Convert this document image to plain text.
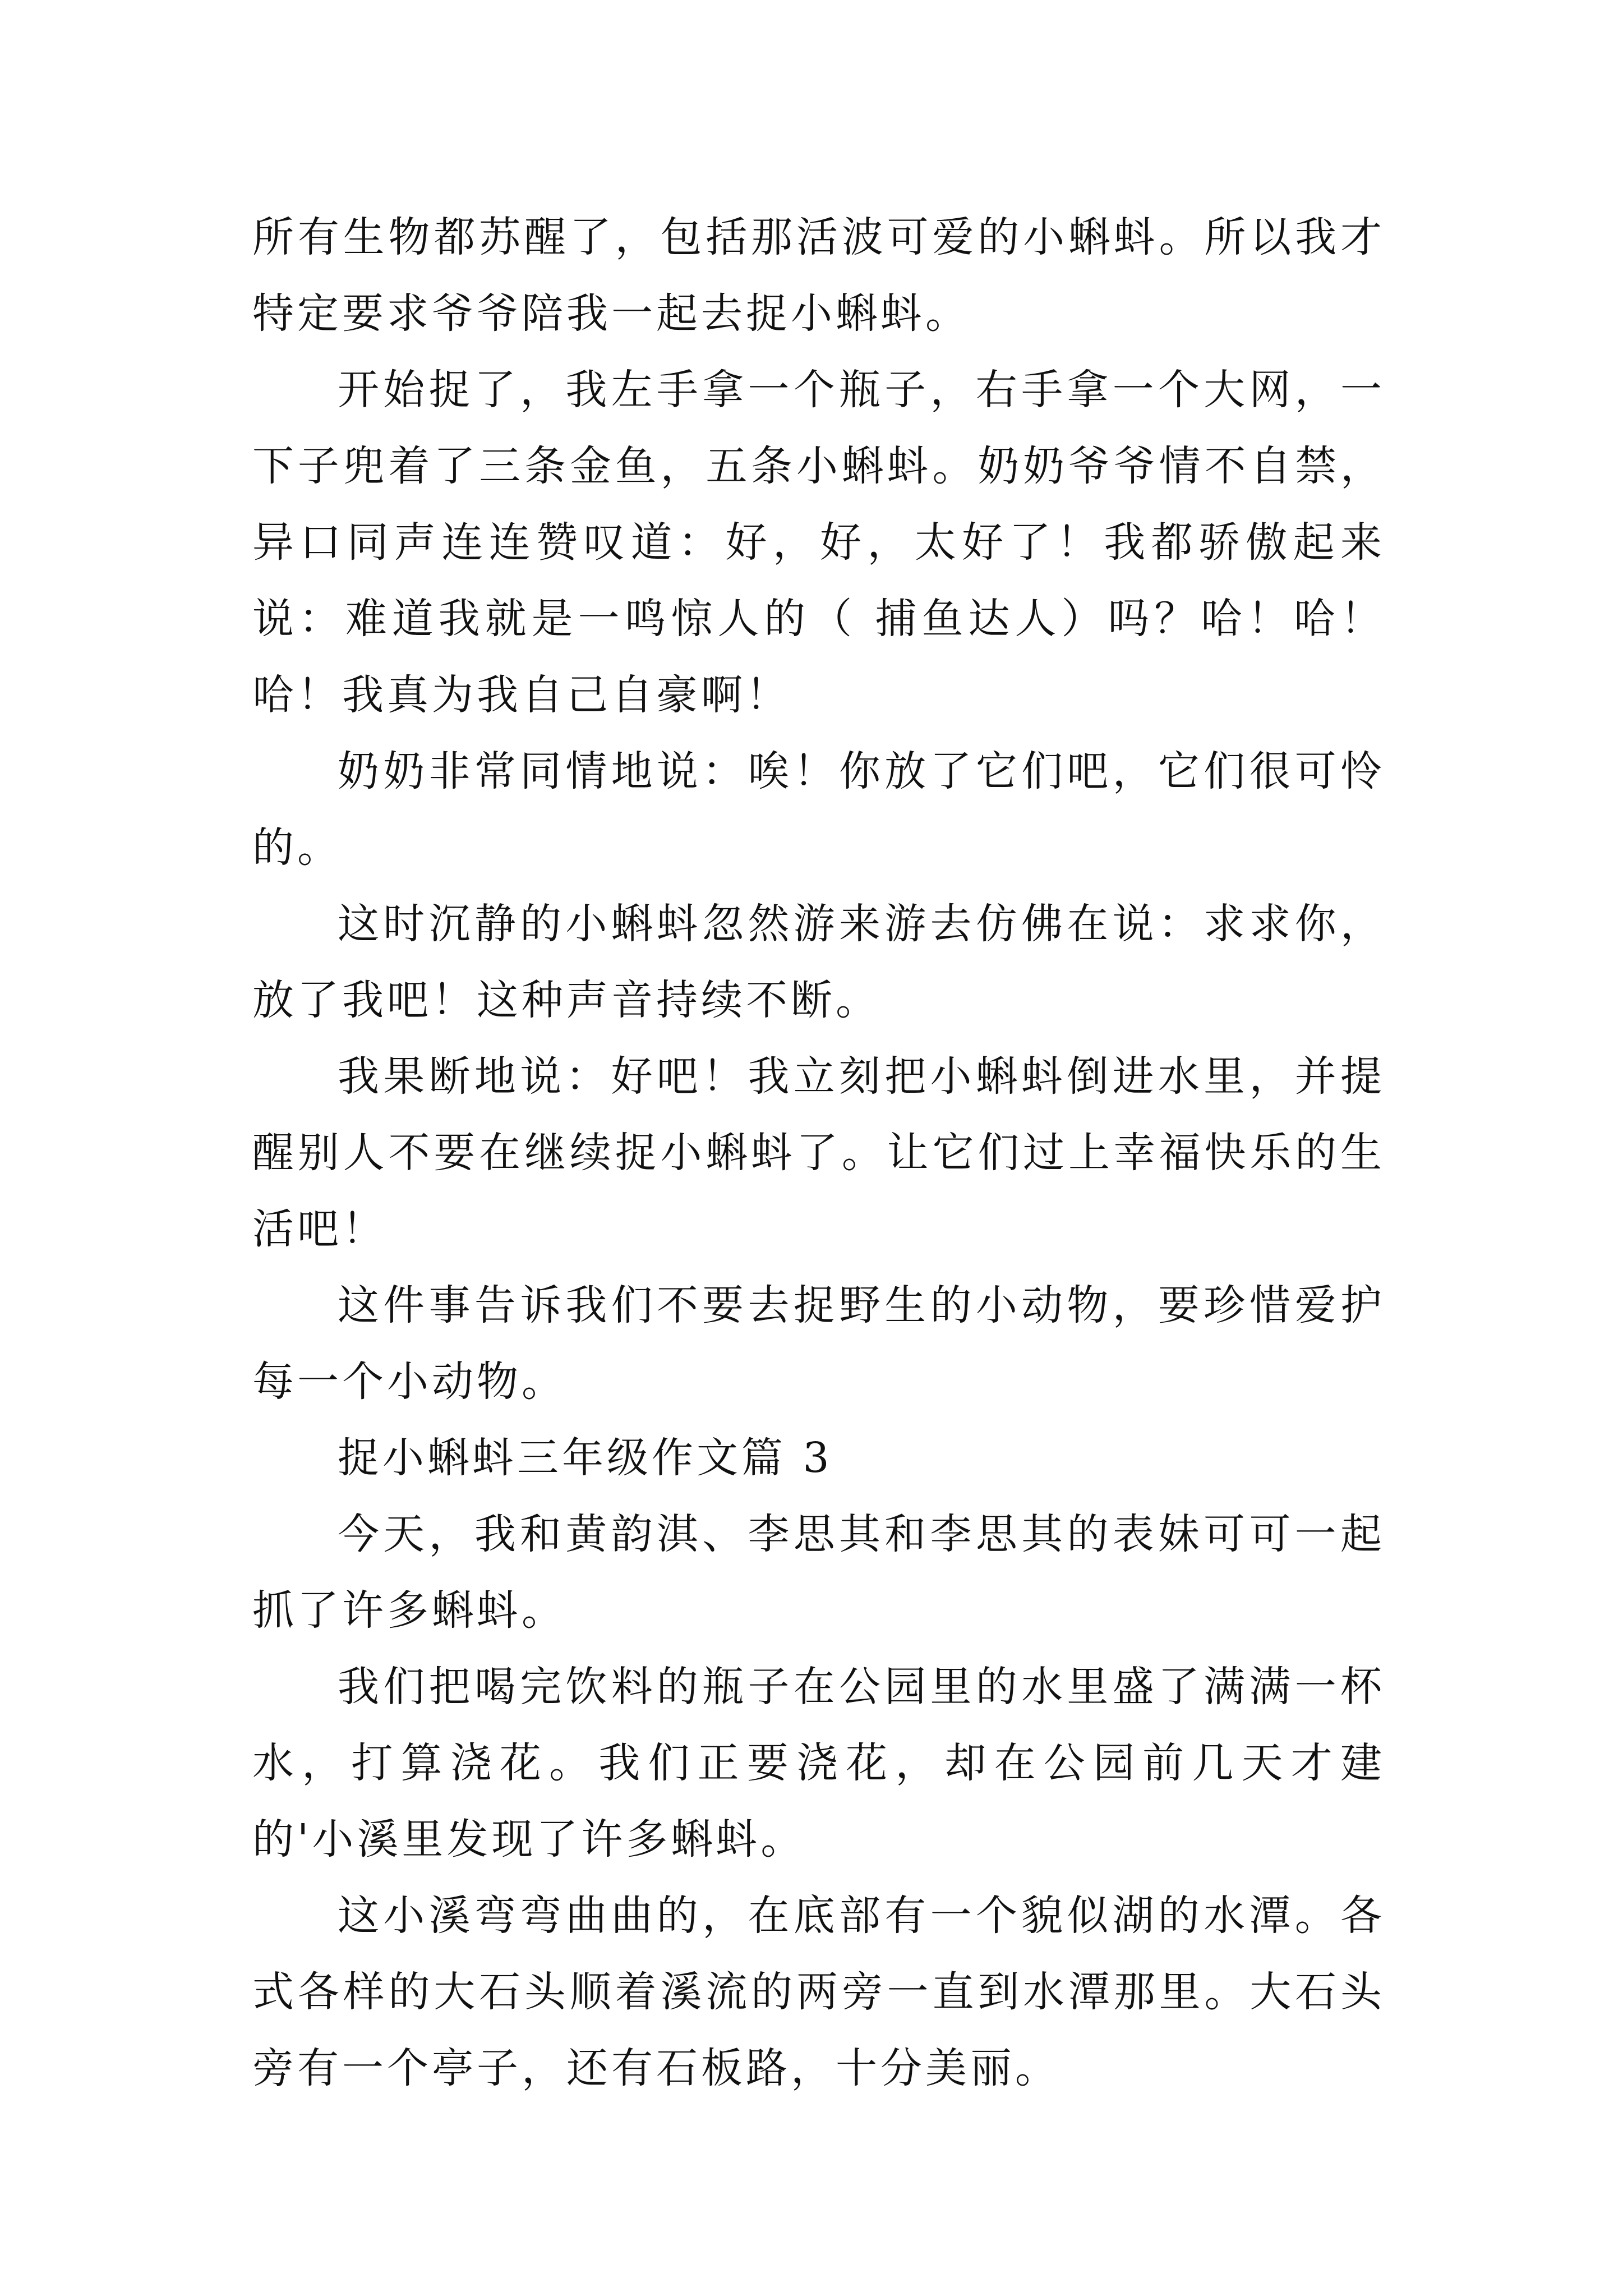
所有生物都苏醒了，包括那活波可爱的小蝌蚪。所以我才特定要求爷爷陪我一起去捉小蝌蚪。

开始捉了，我左手拿一个瓶子，右手拿一个大网，一下子兜着了三条金鱼，五条小蝌蚪。奶奶爷爷情不自禁，异口同声连连赞叹道：好，好，太好了！我都骄傲起来说：难道我就是一鸣惊人的（ 捕鱼达人）吗？哈！哈！哈！我真为我自己自豪啊！

奶奶非常同情地说：唉！你放了它们吧，它们很可怜的。

这时沉静的小蝌蚪忽然游来游去仿佛在说：求求你，放了我吧！这种声音持续不断。

我果断地说：好吧！我立刻把小蝌蚪倒进水里，并提醒别人不要在继续捉小蝌蚪了。让它们过上幸福快乐的生活吧！

这件事告诉我们不要去捉野生的小动物，要珍惜爱护每一个小动物。

捉小蝌蚪三年级作文篇 3

今天，我和黄韵淇、李思其和李思其的表妹可可一起抓了许多蝌蚪。

我们把喝完饮料的瓶子在公园里的水里盛了满满一杯水，打算浇花。我们正要浇花，却在公园前几天才建的'小溪里发现了许多蝌蚪。

这小溪弯弯曲曲的，在底部有一个貌似湖的水潭。各式各样的大石头顺着溪流的两旁一直到水潭那里。大石头旁有一个亭子，还有石板路，十分美丽。
